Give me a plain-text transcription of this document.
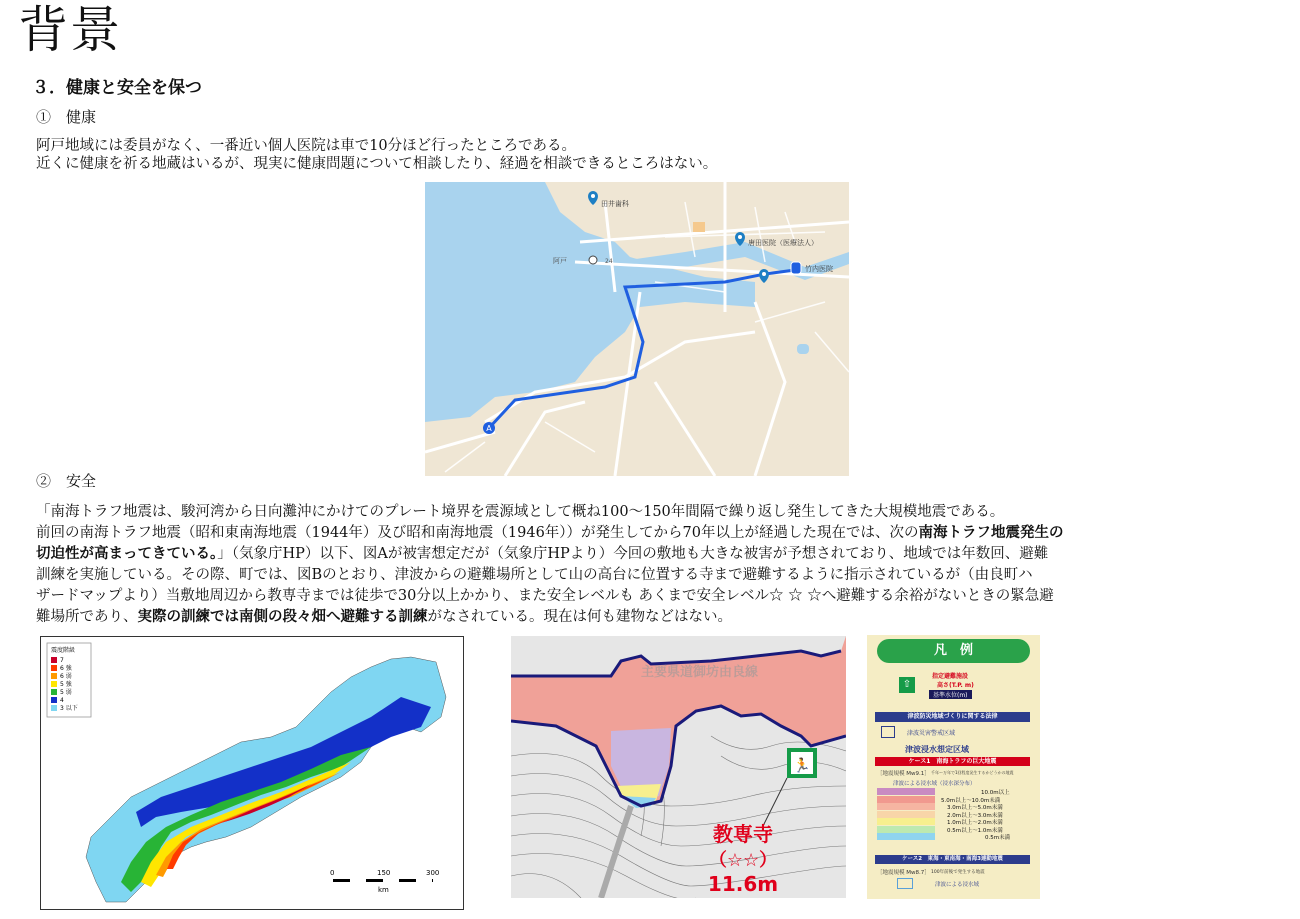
背景
３．健康と安全を保つ
①　健康
阿戸地域には委員がなく、一番近い個人医院は車で10分ほど行ったところである。
近くに健康を祈る地蔵はいるが、現実に健康問題について相談したり、経過を相談できるところはない。
②　安全
「南海トラフ地震は、駿河湾から日向灘沖にかけてのプレート境界を震源域として概ね100～150年間隔で繰り返し発生してきた大規模地震である。
前回の南海トラフ地震（昭和東南海地震（1944年）及び昭和南海地震（1946年））が発生してから70年以上が経過した現在では、次の南海トラフ地震発生の
切迫性が高まってきている。」（気象庁HP）以下、図Aが被害想定だが（気象庁HPより）今回の敷地も大きな被害が予想されており、地域では年数回、避難
訓練を実施している。その際、町では、図Bのとおり、津波からの避難場所として山の高台に位置する寺まで避難するように指示されているが（由良町ハ
ザードマップより）当敷地周辺から教専寺までは徒歩で30分以上かかり、また安全レベルも あくまで安全レベル☆ ☆ ☆へ避難する余裕がないときの緊急避
難場所であり、実際の訓練では南側の段々畑へ避難する訓練がなされている。現在は何も建物などはない。
A
阿戸	24
田井歯科
唐田医院（医療法人）
竹内医院
震度階級
7
6 強
6 弱
5 強
5 弱
4
3 以下
0	150	300
km
主要県道御坊由良線
🏃
教専寺
（☆☆）
11.6m
凡　例
⇧
指定避難施設
高さ(T.P. m)
基準水位(m)
津波防災地域づくりに関する法律
津波災害警戒区域
津波浸水想定区域
ケース1　南海トラフの巨大地震
［地震規模 Mw9.1］ 千年～万年で1回程度発生するかどうかの地震
津波による浸水域（浸水深分布）
10.0m以上
5.0m以上～10.0m未満
3.0m以上～5.0m未満
2.0m以上～3.0m未満
1.0m以上～2.0m未満
0.5m以上～1.0m未満
0.5m未満
ケース2　東海・東南海・南海3連動地震
［地震規模 Mw8.7］ 100年前後で発生する地震
津波による浸水域
